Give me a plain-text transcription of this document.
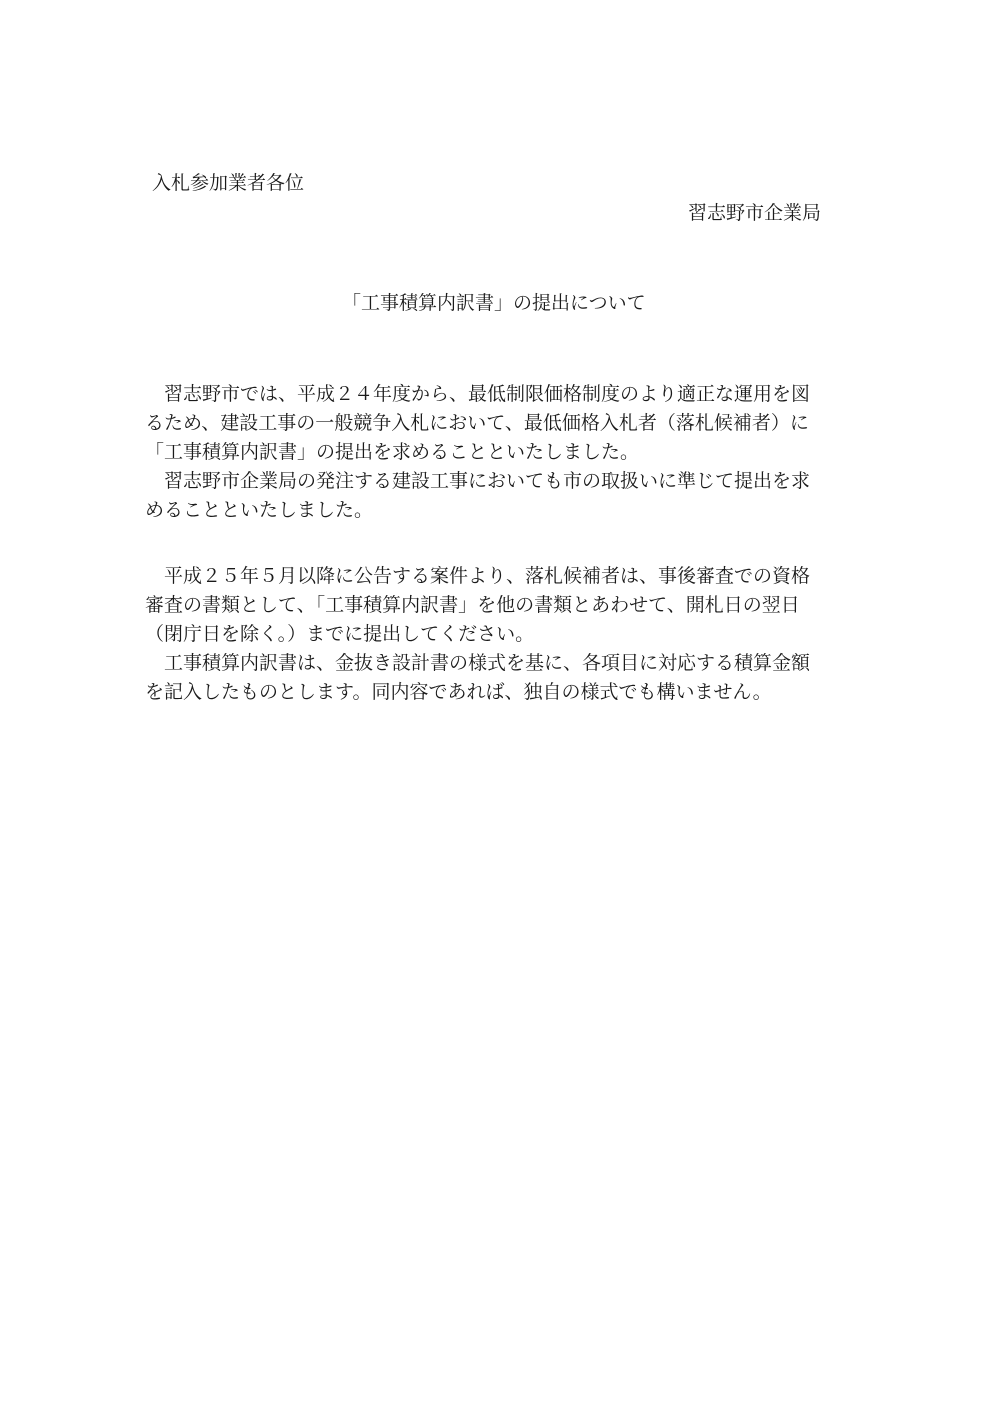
入札参加業者各位
習志野市企業局
「工事積算内訳書」の提出について
　習志野市では、平成２４年度から、最低制限価格制度のより適正な運用を図
るため、建設工事の一般競争入札において、最低価格入札者（落札候補者）に
「工事積算内訳書」の提出を求めることといたしました。
　習志野市企業局の発注する建設工事においても市の取扱いに準じて提出を求
めることといたしました。
　平成２５年５月以降に公告する案件より、落札候補者は、事後審査での資格
審査の書類として、「工事積算内訳書」を他の書類とあわせて、開札日の翌日
（閉庁日を除く。）までに提出してください。
　工事積算内訳書は、金抜き設計書の様式を基に、各項目に対応する積算金額
を記入したものとします。同内容であれば、独自の様式でも構いません。
